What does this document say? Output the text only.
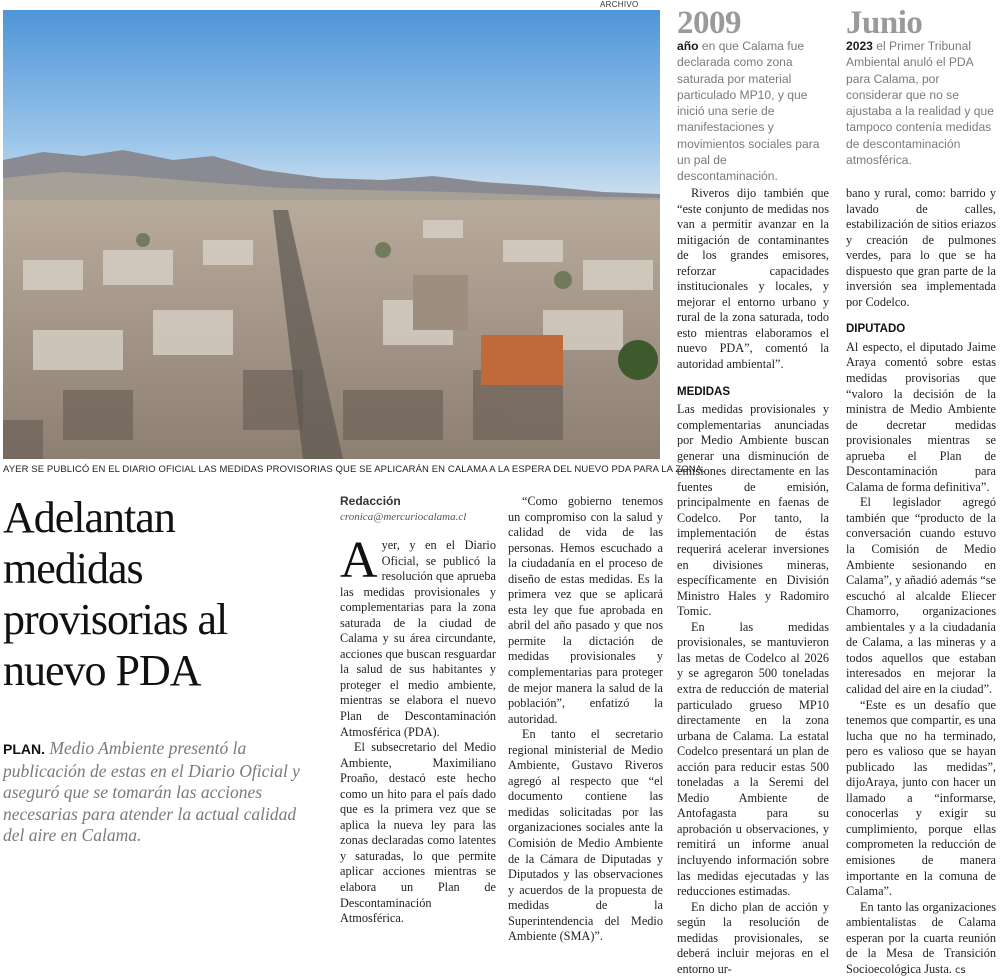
ARCHIVO
AYER SE PUBLICÓ EN EL DIARIO OFICIAL LAS MEDIDAS PROVISORIAS QUE SE APLICARÁN EN CALAMA A LA ESPERA DEL NUEVO PDA PARA LA ZONA.
2009
año en que Calama fue declarada como zona saturada por material particulado MP10, y que inició una serie de manifestaciones y movimientos sociales para un pal de descontaminación.
Junio
2023 el Primer Tribunal Ambiental anuló el PDA para Calama, por considerar que no se ajustaba a la realidad y que tampoco contenía medidas de descontaminación atmosférica.
Adelantan medidas provisorias al nuevo PDA
PLAN. Medio Ambiente presentó la publicación de estas en el Diario Oficial y aseguró que se tomarán las acciones necesarias para atender la actual calidad del aire en Calama.
Redacción
cronica@mercuriocalama.cl
A yer, y en el Diario Oficial, se publicó la resolución que aprueba las medidas provisionales y complementarias para la zona saturada de la ciudad de Calama y su área circundante, acciones que buscan resguardar la salud de sus habitantes y proteger el medio ambiente, mientras se elabora el nuevo Plan de Descontaminación Atmosférica (PDA).

El subsecretario del Medio Ambiente, Maximiliano Proaño, destacó este hecho como un hito para el país dado que es la primera vez que se aplica la nueva ley para las zonas declaradas como latentes y saturadas, lo que permite aplicar acciones mientras se elabora un Plan de Descontaminación Atmosférica.

“Como gobierno tenemos un compromiso con la salud y calidad de vida de las personas. Hemos escuchado a la ciudadanía en el proceso de diseño de estas medidas. Es la primera vez que se aplicará esta ley que fue aprobada en abril del año pasado y que nos permite la dictación de medidas provisionales y complementarias para proteger de mejor manera la salud de la población”, enfatizó la autoridad.

En tanto el secretario regional ministerial de Medio Ambiente, Gustavo Riveros agregó al respecto que “el documento contiene las medidas solicitadas por las organizaciones sociales ante la Comisión de Medio Ambiente de la Cámara de Diputadas y Diputados y las observaciones y acuerdos de la propuesta de medidas de la Superintendencia del Medio Ambiente (SMA)”.

Riveros dijo también que “este conjunto de medidas nos van a permitir avanzar en la mitigación de contaminantes de los grandes emisores, reforzar capacidades institucionales y locales, y mejorar el entorno urbano y rural de la zona saturada, todo esto mientras elaboramos el nuevo PDA”, comentó la autoridad ambiental”.

MEDIDAS

Las medidas provisionales y complementarias anunciadas por Medio Ambiente buscan generar una disminución de emisiones directamente en las fuentes de emisión, principalmente en faenas de Codelco. Por tanto, la implementación de éstas requerirá acelerar inversiones en divisiones mineras, específicamente en División Ministro Hales y Radomiro Tomic.

En las medidas provisionales, se mantuvieron las metas de Codelco al 2026 y se agregaron 500 toneladas extra de reducción de material particulado grueso MP10 directamente en la zona urbana de Calama. La estatal Codelco presentará un plan de acción para reducir estas 500 toneladas a la Seremi del Medio Ambiente de Antofagasta para su aprobación u observaciones, y remitirá un informe anual incluyendo información sobre las medidas ejecutadas y las reducciones estimadas.

En dicho plan de acción y según la resolución de medidas provisionales, se deberá incluir mejoras en el entorno ur-

bano y rural, como: barrido y lavado de calles, estabilización de sitios eriazos y creación de pulmones verdes, para lo que se ha dispuesto que gran parte de la inversión sea implementada por Codelco.

DIPUTADO

Al especto, el diputado Jaime Araya comentó sobre estas medidas provisorias que “valoro la decisión de la ministra de Medio Ambiente de decretar medidas provisionales mientras se aprueba el Plan de Descontaminación para Calama de forma definitiva”.

El legislador agregó también que “producto de la conversación cuando estuvo la Comisión de Medio Ambiente sesionando en Calama”, y añadió además “se escuchó al alcalde Eliecer Chamorro, organizaciones ambientales y a la ciudadanía de Calama, a las mineras y a todos aquellos que estaban interesados en mejorar la calidad del aire en la ciudad”.

“Este es un desafío que tenemos que compartir, es una lucha que no ha terminado, pero es valioso que se hayan publicado las medidas”, dijoAraya, junto con hacer un llamado a “informarse, conocerlas y exigir su cumplimiento, porque ellas comprometen la reducción de emisiones de manera importante en la comuna de Calama”.

En tanto las organizaciones ambientalistas de Calama esperan por la cuarta reunión de la Mesa de Transición Socioecológica Justa. cs
